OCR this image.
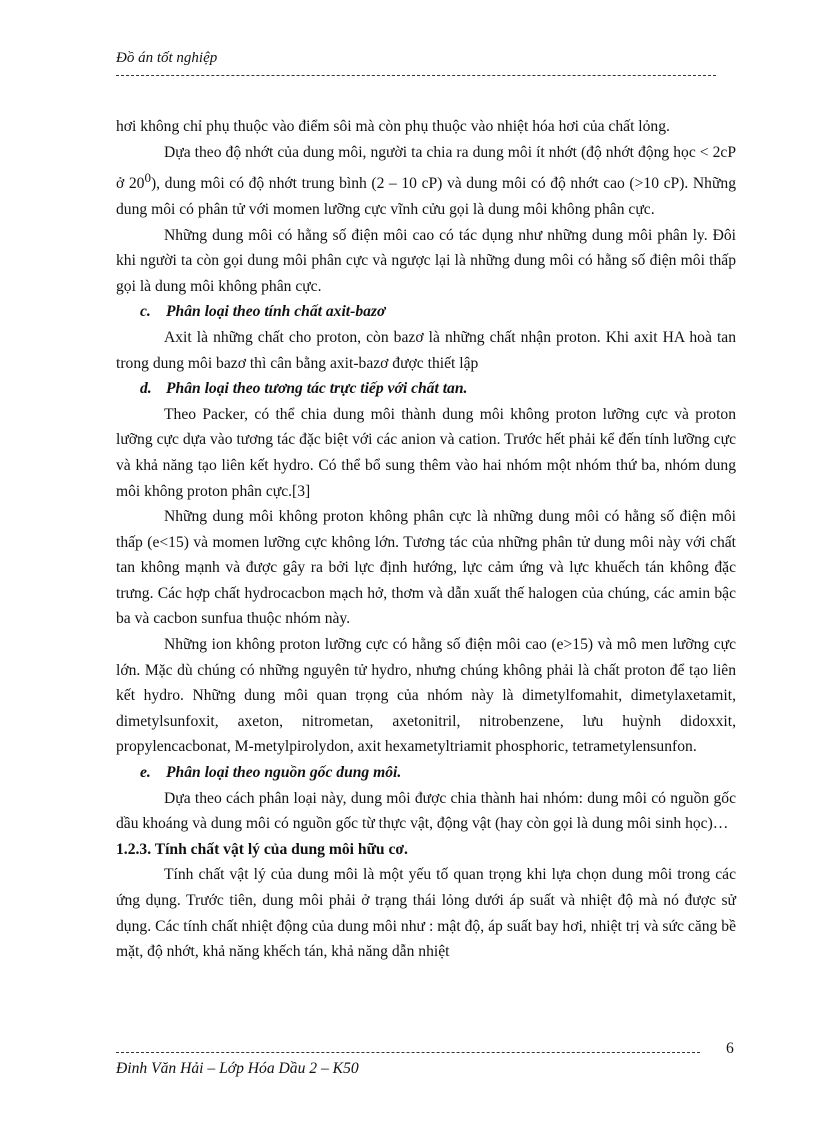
Đồ án tốt nghiệp

hơi không chỉ phụ thuộc vào điểm sôi mà còn phụ thuộc vào nhiệt hóa hơi của chất lỏng.

Dựa theo độ nhớt của dung môi, người ta chia ra dung môi ít nhớt (độ nhớt động học < 2cP ở $20^0$), dung môi có độ nhớt trung bình (2 – 10 cP) và dung môi có độ nhớt cao (>10 cP). Những dung môi có phân tử với momen lưỡng cực vĩnh cửu gọi là dung môi không phân cực.

Những dung môi có hằng số điện môi cao có tác dụng như những dung môi phân ly. Đôi khi người ta còn gọi dung môi phân cực và ngược lại là những dung môi có hằng số điện môi thấp gọi là dung môi không phân cực.

c. Phân loại theo tính chất axit-bazơ

Axit là những chất cho proton, còn bazơ là những chất nhận proton. Khi axit HA hoà tan trong dung môi bazơ thì cân bằng axit-bazơ được thiết lập

d. Phân loại theo tương tác trực tiếp với chất tan.

Theo Packer, có thể chia dung môi thành dung môi không proton lưỡng cực và proton lưỡng cực dựa vào tương tác đặc biệt với các anion và cation. Trước hết phải kể đến tính lưỡng cực và khả năng tạo liên kết hydro. Có thể bổ sung thêm vào hai nhóm một nhóm thứ ba, nhóm dung môi không proton phân cực.[3]

Những dung môi không proton không phân cực là những dung môi có hằng số điện môi thấp (e<15) và momen lưỡng cực không lớn. Tương tác của những phân tử dung môi này với chất tan không mạnh và được gây ra bởi lực định hướng, lực cảm ứng và lực khuếch tán không đặc trưng. Các hợp chất hydrocacbon mạch hở, thơm và dẫn xuất thế halogen của chúng, các amin bậc ba và cacbon sunfua thuộc nhóm này.

Những ion không proton lưỡng cực có hằng số điện môi cao (e>15) và mô men lưỡng cực lớn. Mặc dù chúng có những nguyên tử hydro, nhưng chúng không phải là chất proton để tạo liên kết hydro. Những dung môi quan trọng của nhóm này là dimetylfomahit, dimetylaxetamit, dimetylsunfoxit, axeton, nitrometan, axetonitril, nitrobenzene, lưu huỳnh didoxxit, propylencacbonat, M-metylpirolydon, axit hexametyltriamit phosphoric, tetrametylensunfon.

e. Phân loại theo nguồn gốc dung môi.

Dựa theo cách phân loại này, dung môi được chia thành hai nhóm: dung môi có nguồn gốc dầu khoáng và dung môi có nguồn gốc từ thực vật, động vật (hay còn gọi là dung môi sinh học)…

1.2.3. Tính chất vật lý của dung môi hữu cơ.

Tính chất vật lý của dung môi là một yếu tố quan trọng khi lựa chọn dung môi trong các ứng dụng. Trước tiên, dung môi phải ở trạng thái lỏng dưới áp suất và nhiệt độ mà nó được sử dụng. Các tính chất nhiệt động của dung môi như : mật độ, áp suất bay hơi, nhiệt trị và sức căng bề mặt, độ nhớt, khả năng khếch tán, khả năng dẫn nhiệt

6
Đinh Văn Hải – Lớp Hóa Dầu 2 – K50
